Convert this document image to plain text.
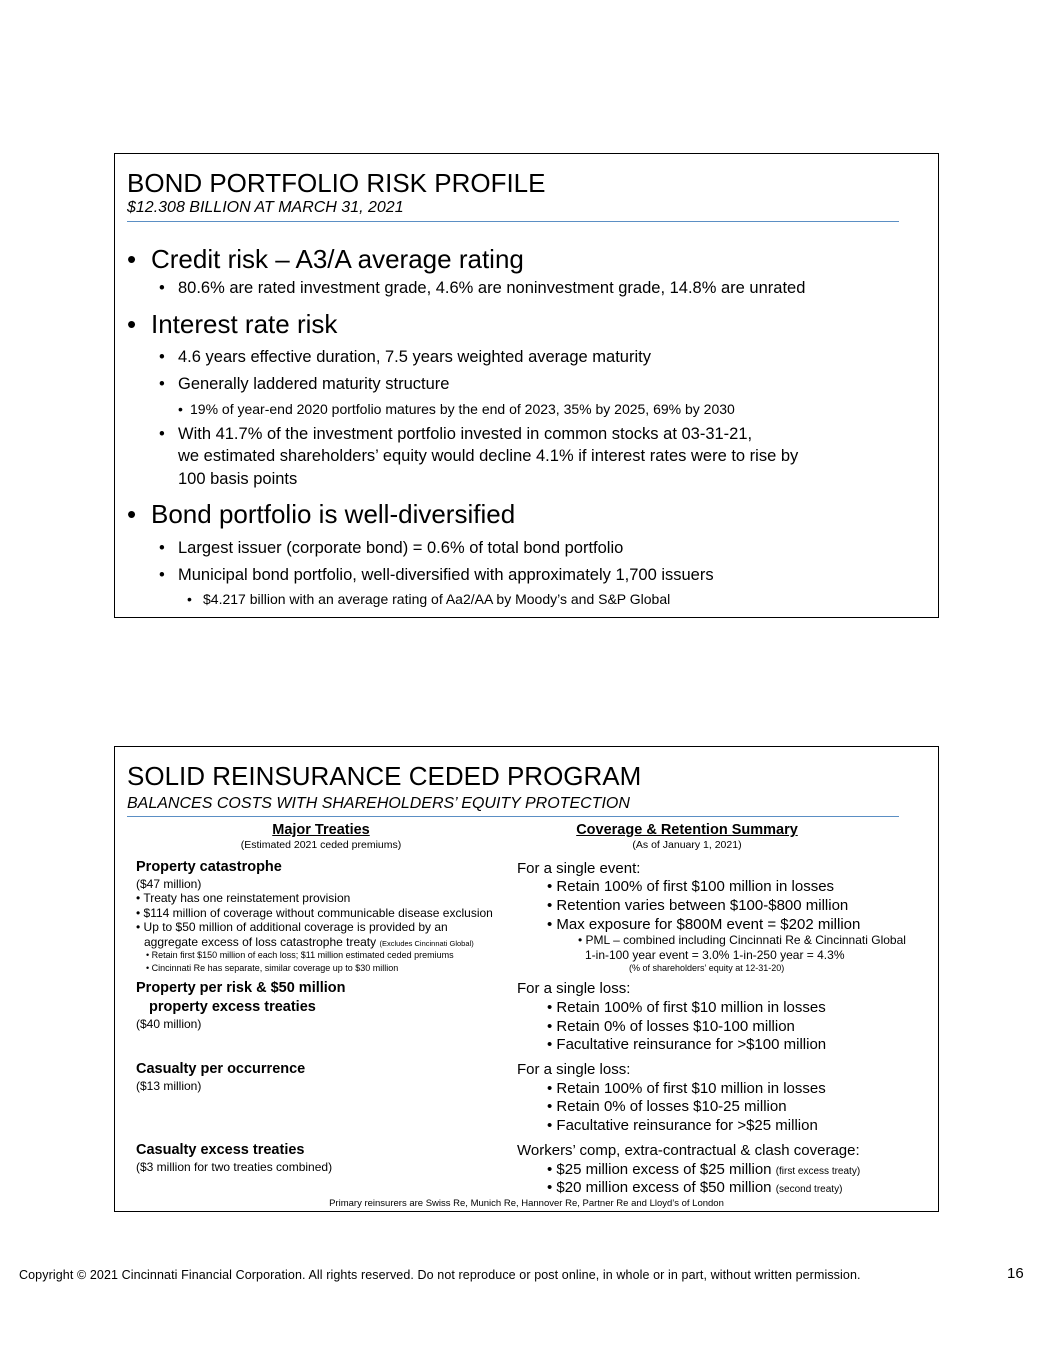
BOND PORTFOLIO RISK PROFILE
$12.308 BILLION AT MARCH 31, 2021
• Credit risk – A3/A average rating
• 80.6% are rated investment grade, 4.6% are noninvestment grade, 14.8% are unrated
• Interest rate risk
• 4.6 years effective duration, 7.5 years weighted average maturity
• Generally laddered maturity structure
• 19% of year-end 2020 portfolio matures by the end of 2023, 35% by 2025, 69% by 2030
• With 41.7% of the investment portfolio invested in common stocks at 03-31-21,
we estimated shareholders’ equity would decline 4.1% if interest rates were to rise by
100 basis points
• Bond portfolio is well-diversified
• Largest issuer (corporate bond) = 0.6% of total bond portfolio
• Municipal bond portfolio, well-diversified with approximately 1,700 issuers
• $4.217 billion with an average rating of Aa2/AA by Moody’s and S&P Global
SOLID REINSURANCE CEDED PROGRAM
BALANCES COSTS WITH SHAREHOLDERS’ EQUITY PROTECTION
Major Treaties
(Estimated 2021 ceded premiums)
Coverage & Retention Summary
(As of January 1, 2021)
Property catastrophe
($47 million)
• Treaty has one reinstatement provision
• $114 million of coverage without communicable disease exclusion
• Up to $50 million of additional coverage is provided by an
aggregate excess of loss catastrophe treaty (Excludes Cincinnati Global)
• Retain first $150 million of each loss; $11 million estimated ceded premiums
• Cincinnati Re has separate, similar coverage up to $30 million
Property per risk & $50 million
property excess treaties
($40 million)
Casualty per occurrence
($13 million)
Casualty excess treaties
($3 million for two treaties combined)
For a single event:
• Retain 100% of first $100 million in losses
• Retention varies between $100-$800 million
• Max exposure for $800M event = $202 million
• PML – combined including Cincinnati Re & Cincinnati Global
1-in-100 year event = 3.0% 1-in-250 year = 4.3%
(% of shareholders’ equity at 12-31-20)
For a single loss:
• Retain 100% of first $10 million in losses
• Retain 0% of losses $10-100 million
• Facultative reinsurance for >$100 million
For a single loss:
• Retain 100% of first $10 million in losses
• Retain 0% of losses $10-25 million
• Facultative reinsurance for >$25 million
Workers’ comp, extra-contractual & clash coverage:
• $25 million excess of $25 million (first excess treaty)
• $20 million excess of $50 million (second treaty)
Primary reinsurers are Swiss Re, Munich Re, Hannover Re, Partner Re and Lloyd’s of London
Copyright © 2021 Cincinnati Financial Corporation. All rights reserved. Do not reproduce or post online, in whole or in part, without written permission.	16
